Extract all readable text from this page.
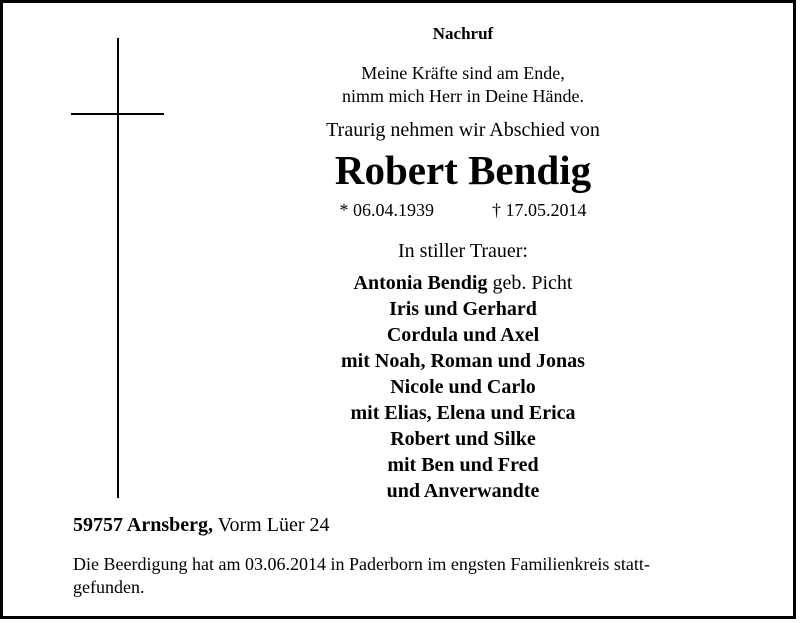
Nachruf
Meine Kräfte sind am Ende,
nimm mich Herr in Deine Hände.
Traurig nehmen wir Abschied von
Robert Bendig
* 06.04.1939	† 17.05.2014
In stiller Trauer:
Antonia Bendig geb. Picht
Iris und Gerhard
Cordula und Axel
mit Noah, Roman und Jonas
Nicole und Carlo
mit Elias, Elena und Erica
Robert und Silke
mit Ben und Fred
und Anverwandte
59757 Arnsberg, Vorm Lüer 24
Die Beerdigung hat am 03.06.2014 in Paderborn im engsten Familienkreis statt-
gefunden.
